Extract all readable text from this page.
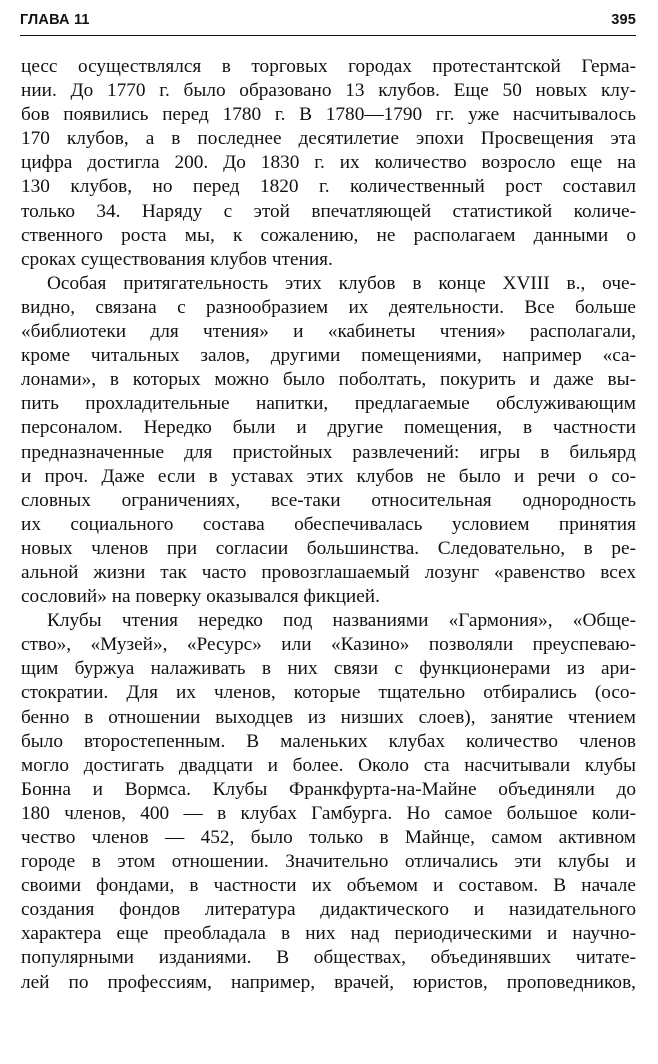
ГЛАВА 11	395
цесс осуществлялся в торговых городах протестантской Герма-
нии. До 1770 г. было образовано 13 клубов. Еще 50 новых клу-
бов появились перед 1780 г. В 1780—1790 гг. уже насчитывалось
170 клубов, а в последнее десятилетие эпохи Просвещения эта
цифра достигла 200. До 1830 г. их количество возросло еще на
130 клубов, но перед 1820 г. количественный рост составил
только 34. Наряду с этой впечатляющей статистикой количе-
ственного роста мы, к сожалению, не располагаем данными о
сроках существования клубов чтения.
Особая притягательность этих клубов в конце XVIII в., оче-
видно, связана с разнообразием их деятельности. Все больше
«библиотеки для чтения» и «кабинеты чтения» располагали,
кроме читальных залов, другими помещениями, например «са-
лонами», в которых можно было поболтать, покурить и даже вы-
пить прохладительные напитки, предлагаемые обслуживающим
персоналом. Нередко были и другие помещения, в частности
предназначенные для пристойных развлечений: игры в бильярд
и проч. Даже если в уставах этих клубов не было и речи о со-
словных ограничениях, все-таки относительная однородность
их социального состава обеспечивалась условием принятия
новых членов при согласии большинства. Следовательно, в ре-
альной жизни так часто провозглашаемый лозунг «равенство всех
сословий» на поверку оказывался фикцией.
Клубы чтения нередко под названиями «Гармония», «Обще-
ство», «Музей», «Ресурс» или «Казино» позволяли преуспеваю-
щим буржуа налаживать в них связи с функционерами из ари-
стократии. Для их членов, которые тщательно отбирались (осо-
бенно в отношении выходцев из низших слоев), занятие чтением
было второстепенным. В маленьких клубах количество членов
могло достигать двадцати и более. Около ста насчитывали клубы
Бонна и Вормса. Клубы Франкфурта-на-Майне объединяли до
180 членов, 400 — в клубах Гамбурга. Но самое большое коли-
чество членов — 452, было только в Майнце, самом активном
городе в этом отношении. Значительно отличались эти клубы и
своими фондами, в частности их объемом и составом. В начале
создания фондов литература дидактического и назидательного
характера еще преобладала в них над периодическими и научно-
популярными изданиями. В обществах, объединявших читате-
лей по профессиям, например, врачей, юристов, проповедников,
